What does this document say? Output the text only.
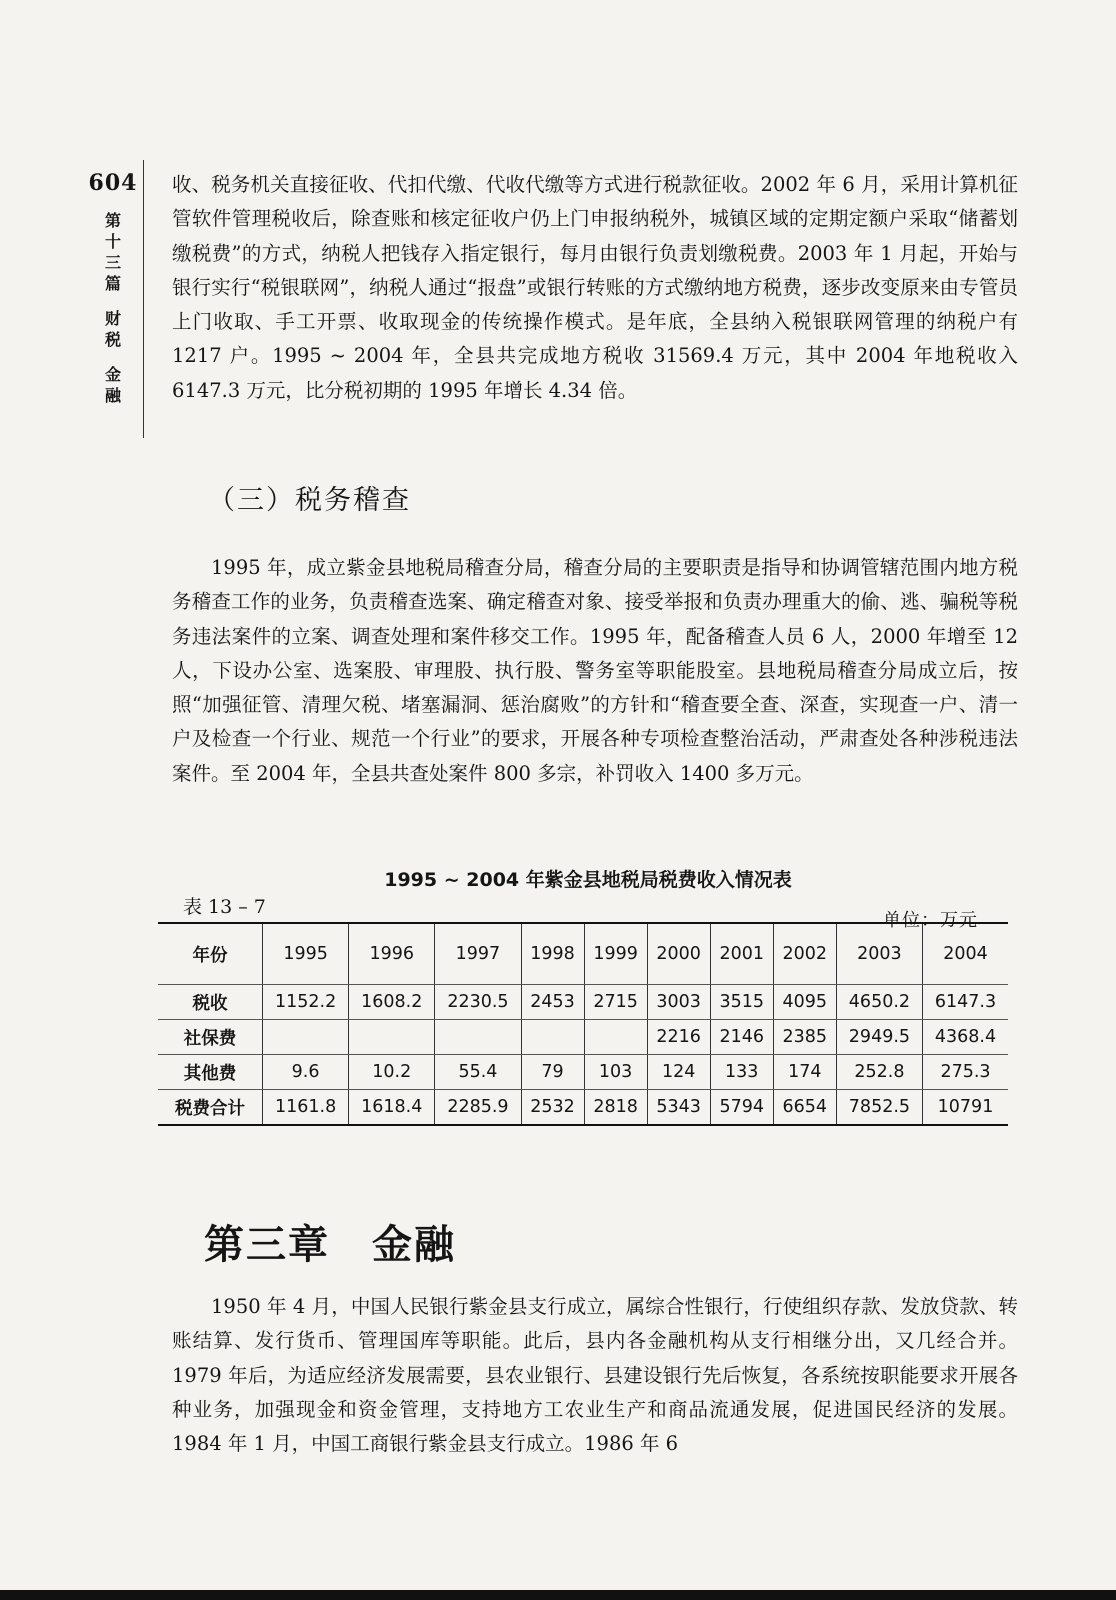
604
第
十
三
篇
财
税
金
融

收、税务机关直接征收、代扣代缴、代收代缴等方式进行税款征收。2002 年 6 月，采用计算机征管软件管理税收后，除查账和核定征收户仍上门申报纳税外，城镇区域的定期定额户采取“储蓄划缴税费”的方式，纳税人把钱存入指定银行，每月由银行负责划缴税费。2003 年 1 月起，开始与银行实行“税银联网”，纳税人通过“报盘”或银行转账的方式缴纳地方税费，逐步改变原来由专管员上门收取、手工开票、收取现金的传统操作模式。是年底，全县纳入税银联网管理的纳税户有 1217 户。1995 ~ 2004 年，全县共完成地方税收 31569.4 万元，其中 2004 年地税收入 6147.3 万元，比分税初期的 1995 年增长 4.34 倍。

（三）税务稽查

1995 年，成立紫金县地税局稽查分局，稽查分局的主要职责是指导和协调管辖范围内地方税务稽查工作的业务，负责稽查选案、确定稽查对象、接受举报和负责办理重大的偷、逃、骗税等税务违法案件的立案、调查处理和案件移交工作。1995 年，配备稽查人员 6 人，2000 年增至 12 人，下设办公室、选案股、审理股、执行股、警务室等职能股室。县地税局稽查分局成立后，按照“加强征管、清理欠税、堵塞漏洞、惩治腐败”的方针和“稽查要全查、深查，实现查一户、清一户及检查一个行业、规范一个行业”的要求，开展各种专项检查整治活动，严肃查处各种涉税违法案件。至 2004 年，全县共查处案件 800 多宗，补罚收入 1400 多万元。

1995 ~ 2004 年紫金县地税局税费收入情况表

表 13 – 7
单位：万元
年份	1995	1996	1997	1998	1999	2000	2001	2002	2003	2004
税收	1152.2	1608.2	2230.5	2453	2715	3003	3515	4095	4650.2	6147.3
社保费						2216	2146	2385	2949.5	4368.4
其他费	9.6	10.2	55.4	79	103	124	133	174	252.8	275.3
税费合计	1161.8	1618.4	2285.9	2532	2818	5343	5794	6654	7852.5	10791
第三章　金融

1950 年 4 月，中国人民银行紫金县支行成立，属综合性银行，行使组织存款、发放贷款、转账结算、发行货币、管理国库等职能。此后，县内各金融机构从支行相继分出，又几经合并。1979 年后，为适应经济发展需要，县农业银行、县建设银行先后恢复，各系统按职能要求开展各种业务，加强现金和资金管理，支持地方工农业生产和商品流通发展，促进国民经济的发展。1984 年 1 月，中国工商银行紫金县支行成立。1986 年 6
